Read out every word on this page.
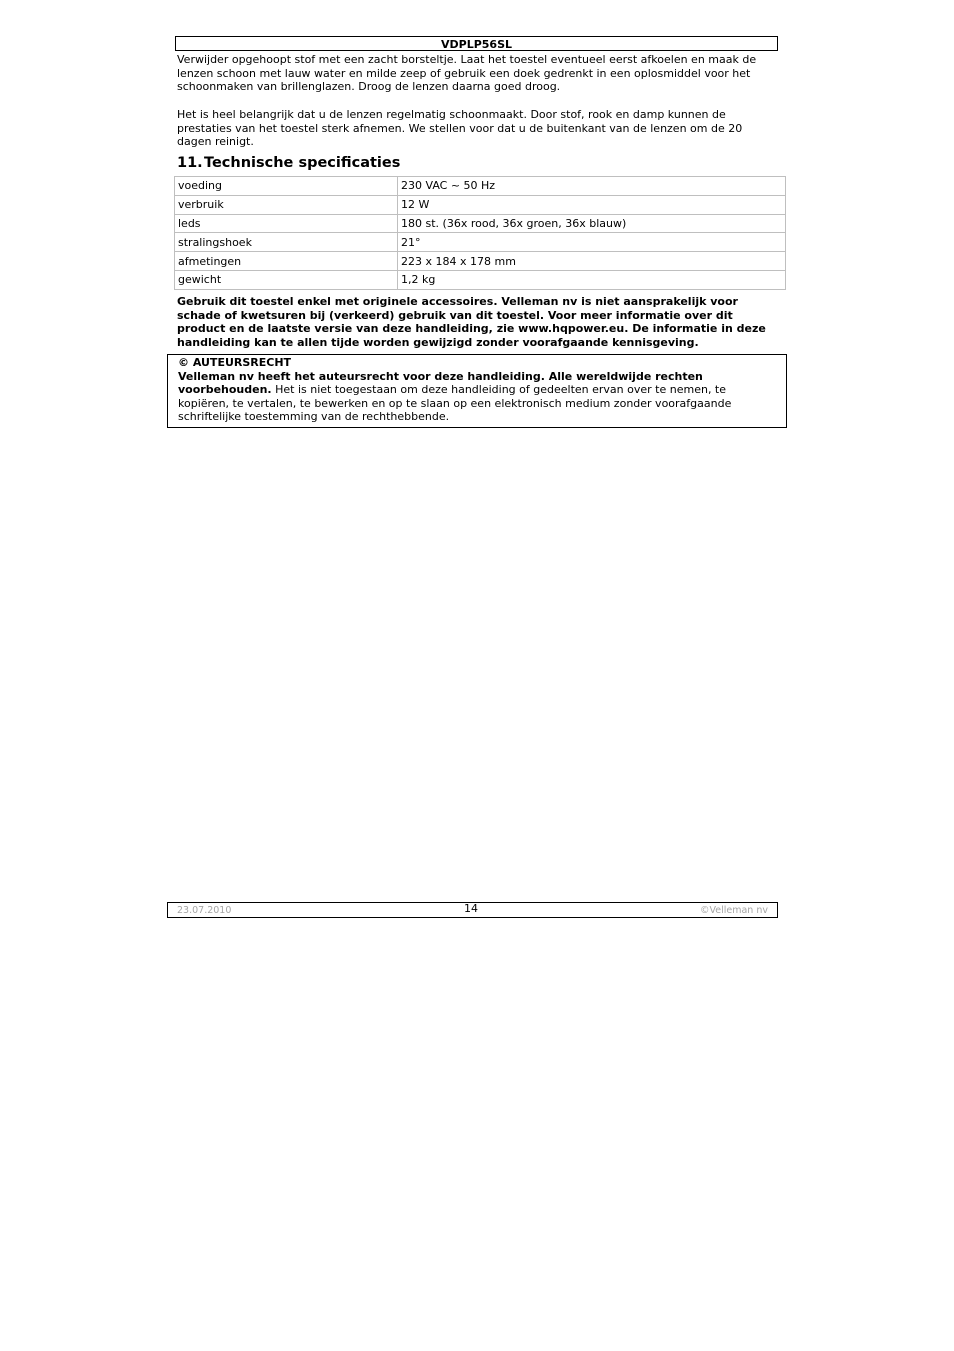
VDPLP56SL

Verwijder opgehoopt stof met een zacht borsteltje. Laat het toestel eventueel eerst afkoelen en maak de lenzen schoon met lauw water en milde zeep of gebruik een doek gedrenkt in een oplosmiddel voor het schoonmaken van brillenglazen. Droog de lenzen daarna goed droog.

Het is heel belangrijk dat u de lenzen regelmatig schoonmaakt. Door stof, rook en damp kunnen de prestaties van het toestel sterk afnemen. We stellen voor dat u de buitenkant van de lenzen om de 20 dagen reinigt.

11.Technische specificaties
voeding	230 VAC ~ 50 Hz
verbruik	12 W
leds	180 st. (36x rood, 36x groen, 36x blauw)
stralingshoek	21°
afmetingen	223 x 184 x 178 mm
gewicht	1,2 kg

Gebruik dit toestel enkel met originele accessoires. Velleman nv is niet aansprakelijk voor schade of kwetsuren bij (verkeerd) gebruik van dit toestel. Voor meer informatie over dit product en de laatste versie van deze handleiding, zie www.hqpower.eu. De informatie in deze handleiding kan te allen tijde worden gewijzigd zonder voorafgaande kennisgeving.

© AUTEURSRECHT

Velleman nv heeft het auteursrecht voor deze handleiding. Alle wereldwijde rechten voorbehouden. Het is niet toegestaan om deze handleiding of gedeelten ervan over te nemen, te kopiëren, te vertalen, te bewerken en op te slaan op een elektronisch medium zonder voorafgaande schriftelijke toestemming van de rechthebbende.

23.07.2010	14	©Velleman nv
